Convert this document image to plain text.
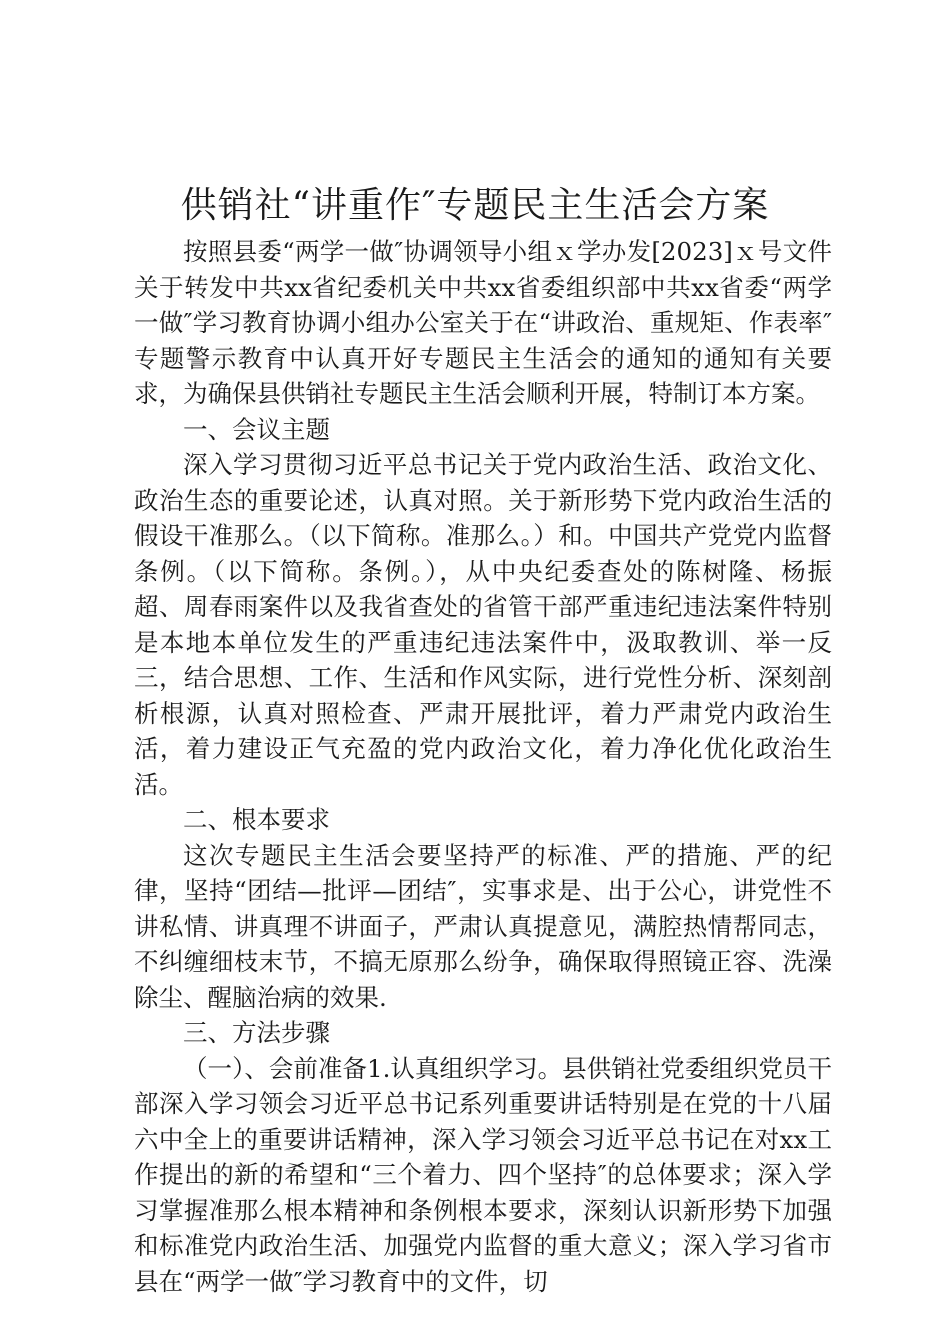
供销社“讲重作″专题民主生活会方案

按照县委“两学一做″协调领导小组ｘ学办发[2023]ｘ号文件关于转发中共xx省纪委机关中共xx省委组织部中共xx省委“两学一做″学习教育协调小组办公室关于在“讲政治、重规矩、作表率″专题警示教育中认真开好专题民主生活会的通知的通知有关要求，为确保县供销社专题民主生活会顺利开展，特制订本方案。

一、会议主题

深入学习贯彻习近平总书记关于党内政治生活、政治文化、政治生态的重要论述，认真对照。关于新形势下党内政治生活的假设干准那么。（以下简称。准那么。）和。中国共产党党内监督条例。（以下简称。条例。），从中央纪委查处的陈树隆、杨振超、周春雨案件以及我省查处的省管干部严重违纪违法案件特别是本地本单位发生的严重违纪违法案件中，汲取教训、举一反三，结合思想、工作、生活和作风实际，进行党性分析、深刻剖析根源，认真对照检查、严肃开展批评，着力严肃党内政治生活，着力建设正气充盈的党内政治文化，着力净化优化政治生活。

二、根本要求

这次专题民主生活会要坚持严的标准、严的措施、严的纪律，坚持“团结—批评—团结″，实事求是、出于公心，讲党性不讲私情、讲真理不讲面子，严肃认真提意见，满腔热情帮同志，不纠缠细枝末节，不搞无原那么纷争，确保取得照镜正容、洗澡除尘、醒脑治病的效果.

三、方法步骤

（一）、会前准备1.认真组织学习。县供销社党委组织党员干部深入学习领会习近平总书记系列重要讲话特别是在党的十八届六中全上的重要讲话精神，深入学习领会习近平总书记在对xx工作提出的新的希望和“三个着力、四个坚持″的总体要求；深入学习掌握准那么根本精神和条例根本要求，深刻认识新形势下加强和标准党内政治生活、加强党内监督的重大意义；深入学习省市县在“两学一做″学习教育中的文件，切
